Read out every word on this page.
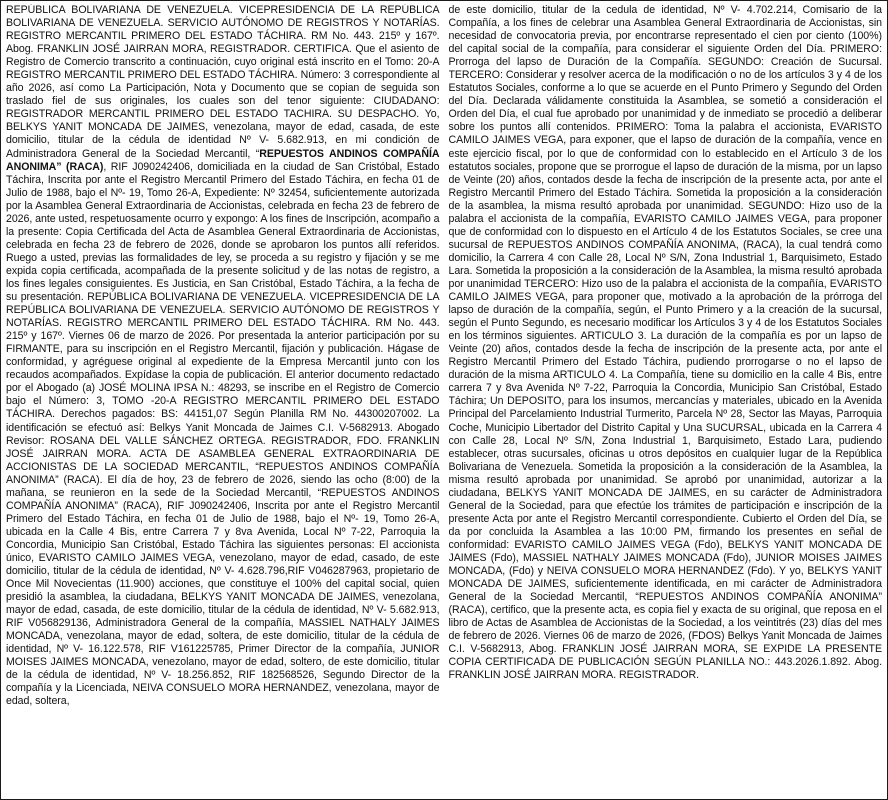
REPÚBLICA BOLIVARIANA DE VENEZUELA. VICEPRESIDENCIA DE LA REPÚBLICA BOLIVARIANA DE VENEZUELA. SERVICIO AUTÓNOMO DE REGISTROS Y NOTARÍAS. REGISTRO MERCANTIL PRIMERO DEL ESTADO TÁCHIRA. RM No. 443. 215º y 167º. Abog. FRANKLIN JOSÉ JAIRRAN MORA, REGISTRADOR. CERTIFICA. Que el asiento de Registro de Comercio transcrito a continuación, cuyo original está inscrito en el Tomo: 20-A REGISTRO MERCANTIL PRIMERO DEL ESTADO TÁCHIRA. Número: 3 correspondiente al año 2026, así como La Participación, Nota y Documento que se copian de seguida son traslado fiel de sus originales, los cuales son del tenor siguiente: CIUDADANO: REGISTRADOR MERCANTIL PRIMERO DEL ESTADO TACHIRA. SU DESPACHO. Yo, BELKYS YANIT MONCADA DE JAIMES, venezolana, mayor de edad, casada, de este domicilio, titular de la cédula de identidad Nº V- 5.682.913, en mi condición de Administradora General de la Sociedad Mercantil, “REPUESTOS ANDINOS COMPAÑÍA ANONIMA” (RACA), RIF J090242406, domiciliada en la ciudad de San Cristóbal, Estado Táchira, Inscrita por ante el Registro Mercantil Primero del Estado Táchira, en fecha 01 de Julio de 1988, bajo el Nº- 19, Tomo 26-A, Expediente: Nº 32454, suficientemente autorizada por la Asamblea General Extraordinaria de Accionistas, celebrada en fecha 23 de febrero de 2026, ante usted, respetuosamente ocurro y expongo: A los fines de Inscripción, acompaño a la presente: Copia Certificada del Acta de Asamblea General Extraordinaria de Accionistas, celebrada en fecha 23 de febrero de 2026, donde se aprobaron los puntos allí referidos. Ruego a usted, previas las formalidades de ley, se proceda a su registro y fijación y se me expida copia certificada, acompañada de la presente solicitud y de las notas de registro, a los fines legales consiguientes. Es Justicia, en San Cristóbal, Estado Táchira, a la fecha de su presentación. REPÚBLICA BOLIVARIANA DE VENEZUELA. VICEPRESIDENCIA DE LA REPÚBLICA BOLIVARIANA DE VENEZUELA. SERVICIO AUTÓNOMO DE REGISTROS Y NOTARÍAS. REGISTRO MERCANTIL PRIMERO DEL ESTADO TÁCHIRA. RM No. 443. 215º y 167º. Viernes 06 de marzo de 2026. Por presentada la anterior participación por su FIRMANTE, para su inscripción en el Registro Mercantil, fijación y publicación. Hágase de conformidad, y agréguese original al expediente de la Empresa Mercantil junto con los recaudos acompañados. Expídase la copia de publicación. El anterior documento redactado por el Abogado (a) JOSÉ MOLINA IPSA N.: 48293, se inscribe en el Registro de Comercio bajo el Número: 3, TOMO -20-A REGISTRO MERCANTIL PRIMERO DEL ESTADO TÁCHIRA. Derechos pagados: BS: 44151,07 Según Planilla RM No. 44300207002. La identificación se efectuó así: Belkys Yanit Moncada de Jaimes C.I. V-5682913. Abogado Revisor: ROSANA DEL VALLE SÁNCHEZ ORTEGA. REGISTRADOR, FDO. FRANKLIN JOSÉ JAIRRAN MORA. ACTA DE ASAMBLEA GENERAL EXTRAORDINARIA DE ACCIONISTAS DE LA SOCIEDAD MERCANTIL, “REPUESTOS ANDINOS COMPAÑÍA ANONIMA” (RACA). El día de hoy, 23 de febrero de 2026, siendo las ocho (8:00) de la mañana, se reunieron en la sede de la Sociedad Mercantil, “REPUESTOS ANDINOS COMPAÑÍA ANONIMA” (RACA), RIF J090242406, Inscrita por ante el Registro Mercantil Primero del Estado Táchira, en fecha 01 de Julio de 1988, bajo el Nº- 19, Tomo 26-A, ubicada en la Calle 4 Bis, entre Carrera 7 y 8va Avenida, Local Nº 7-22, Parroquia la Concordia, Municipio San Cristóbal, Estado Táchira las siguientes personas: El accionista único, EVARISTO CAMILO JAIMES VEGA, venezolano, mayor de edad, casado, de este domicilio, titular de la cédula de identidad, Nº V- 4.628.796,RIF V046287963, propietario de Once Mil Novecientas (11.900) acciones, que constituye el 100% del capital social, quien presidió la asamblea, la ciudadana, BELKYS YANIT MONCADA DE JAIMES, venezolana, mayor de edad, casada, de este domicilio, titular de la cédula de identidad, Nº V- 5.682.913, RIF V056829136, Administradora General de la compañía, MASSIEL NATHALY JAIMES MONCADA, venezolana, mayor de edad, soltera, de este domicilio, titular de la cédula de identidad, Nº V- 16.122.578, RIF V161225785, Primer Director de la compañía, JUNIOR MOISES JAIMES MONCADA, venezolano, mayor de edad, soltero, de este domicilio, titular de la cédula de identidad, Nº V- 18.256.852, RIF 182568526, Segundo Director de la compañía y la Licenciada, NEIVA CONSUELO MORA HERNANDEZ, venezolana, mayor de edad, soltera,

de este domicilio, titular de la cedula de identidad, Nº V- 4.702.214, Comisario de la Compañía, a los fines de celebrar una Asamblea General Extraordinaria de Accionistas, sin necesidad de convocatoria previa, por encontrarse representado el cien por ciento (100%) del capital social de la compañía, para considerar el siguiente Orden del Día. PRIMERO: Prorroga del lapso de Duración de la Compañía. SEGUNDO: Creación de Sucursal. TERCERO: Considerar y resolver acerca de la modificación o no de los artículos 3 y 4 de los Estatutos Sociales, conforme a lo que se acuerde en el Punto Primero y Segundo del Orden del Día. Declarada válidamente constituida la Asamblea, se sometió a consideración el Orden del Día, el cual fue aprobado por unanimidad y de inmediato se procedió a deliberar sobre los puntos allí contenidos. PRIMERO: Toma la palabra el accionista, EVARISTO CAMILO JAIMES VEGA, para exponer, que el lapso de duración de la compañía, vence en este ejercicio fiscal, por lo que de conformidad con lo establecido en el Artículo 3 de los estatutos sociales, propone que se prorrogue el lapso de duración de la misma, por un lapso de Veinte (20) años, contados desde la fecha de inscripción de la presente acta, por ante el Registro Mercantil Primero del Estado Táchira. Sometida la proposición a la consideración de la asamblea, la misma resultó aprobada por unanimidad. SEGUNDO: Hizo uso de la palabra el accionista de la compañía, EVARISTO CAMILO JAIMES VEGA, para proponer que de conformidad con lo dispuesto en el Artículo 4 de los Estatutos Sociales, se cree una sucursal de REPUESTOS ANDINOS COMPAÑÍA ANONIMA, (RACA), la cual tendrá como domicilio, la Carrera 4 con Calle 28, Local Nº S/N, Zona Industrial 1, Barquisimeto, Estado Lara. Sometida la proposición a la consideración de la Asamblea, la misma resultó aprobada por unanimidad TERCERO: Hizo uso de la palabra el accionista de la compañía, EVARISTO CAMILO JAIMES VEGA, para proponer que, motivado a la aprobación de la prórroga del lapso de duración de la compañía, según, el Punto Primero y a la creación de la sucursal, según el Punto Segundo, es necesario modificar los Artículos 3 y 4 de los Estatutos Sociales en los términos siguientes. ARTICULO 3. La duración de la compañía es por un lapso de Veinte (20) años, contados desde la fecha de inscripción de la presente acta, por ante el Registro Mercantil Primero del Estado Táchira, pudiendo prorrogarse o no el lapso de duración de la misma ARTICULO 4. La Compañía, tiene su domicilio en la calle 4 Bis, entre carrera 7 y 8va Avenida Nº 7-22, Parroquia la Concordia, Municipio San Cristóbal, Estado Táchira; Un DEPOSITO, para los insumos, mercancías y materiales, ubicado en la Avenida Principal del Parcelamiento Industrial Turmerito, Parcela Nº 28, Sector las Mayas, Parroquia Coche, Municipio Libertador del Distrito Capital y Una SUCURSAL, ubicada en la Carrera 4 con Calle 28, Local Nº S/N, Zona Industrial 1, Barquisimeto, Estado Lara, pudiendo establecer, otras sucursales, oficinas u otros depósitos en cualquier lugar de la República Bolivariana de Venezuela. Sometida la proposición a la consideración de la Asamblea, la misma resultó aprobada por unanimidad. Se aprobó por unanimidad, autorizar a la ciudadana, BELKYS YANIT MONCADA DE JAIMES, en su carácter de Administradora General de la Sociedad, para que efectúe los trámites de participación e inscripción de la presente Acta por ante el Registro Mercantil correspondiente. Cubierto el Orden del Día, se da por concluida la Asamblea a las 10:00 PM, firmando los presentes en señal de conformidad: EVARISTO CAMILO JAIMES VEGA (Fdo), BELKYS YANIT MONCADA DE JAIMES (Fdo), MASSIEL NATHALY JAIMES MONCADA (Fdo), JUNIOR MOISES JAIMES MONCADA, (Fdo) y NEIVA CONSUELO MORA HERNANDEZ (Fdo). Y yo, BELKYS YANIT MONCADA DE JAIMES, suficientemente identificada, en mi carácter de Administradora General de la Sociedad Mercantil, “REPUESTOS ANDINOS COMPAÑÍA ANONIMA” (RACA), certifico, que la presente acta, es copia fiel y exacta de su original, que reposa en el libro de Actas de Asamblea de Accionistas de la Sociedad, a los veintitrés (23) días del mes de febrero de 2026. Viernes 06 de marzo de 2026, (FDOS) Belkys Yanit Moncada de Jaimes C.I. V-5682913, Abog. FRANKLIN JOSÉ JAIRRAN MORA, SE EXPIDE LA PRESENTE COPIA CERTIFICADA DE PUBLICACIÓN SEGÚN PLANILLA NO.: 443.2026.1.892. Abog. FRANKLIN JOSÉ JAIRRAN MORA. REGISTRADOR.
